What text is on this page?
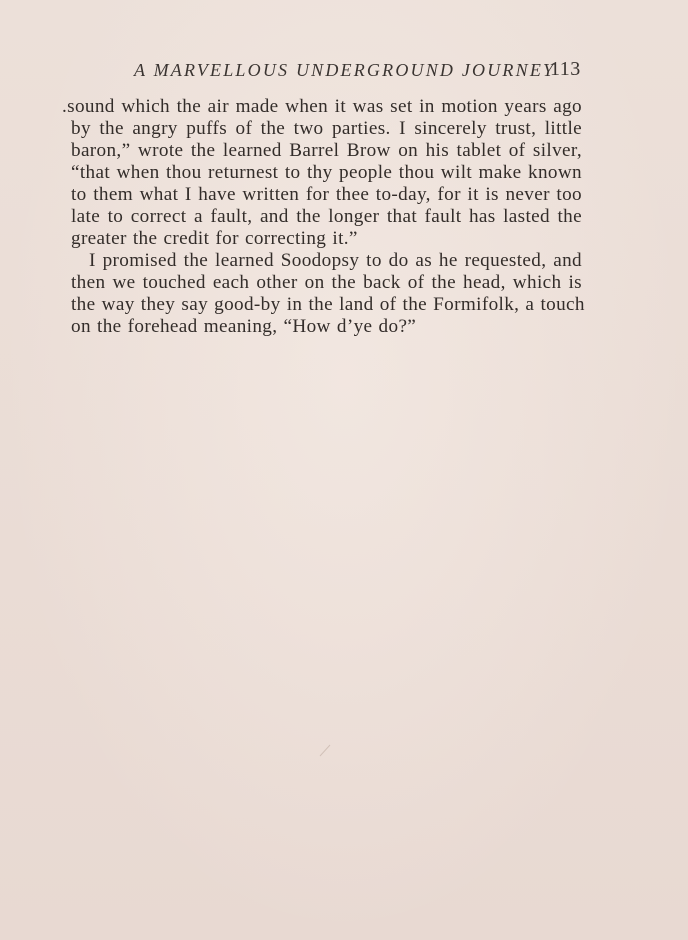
A MARVELLOUS UNDERGROUND JOURNEY
113
.sound which the air made when it was set in motion years ago
by the angry puffs of the two parties. I sincerely trust, little
baron,” wrote the learned Barrel Brow on his tablet of silver,
“that when thou returnest to thy people thou wilt make known
to them what I have written for thee to-day, for it is never too
late to correct a fault, and the longer that fault has lasted the
greater the credit for correcting it.”
I promised the learned Soodopsy to do as he requested, and
then we touched each other on the back of the head, which is
the way they say good-by in the land of the Formifolk, a touch
on the forehead meaning, “How d’ye do?”
